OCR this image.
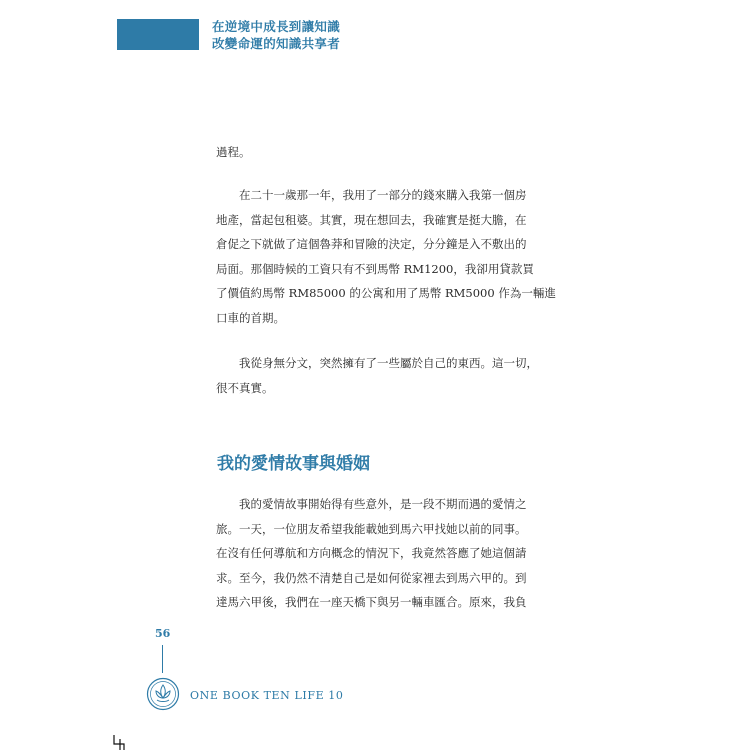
在逆境中成長到讓知識
改變命運的知識共享者

過程。

　　在二十一歲那一年，我用了一部分的錢來購入我第一個房
地產，當起包租婆。其實，現在想回去，我確實是挺大膽，在
倉促之下就做了這個魯莽和冒險的決定，分分鐘是入不敷出的
局面。那個時候的工資只有不到馬幣 RM1200，我卻用貸款買
了價值約馬幣 RM85000 的公寓和用了馬幣 RM5000 作為一輛進
口車的首期。

　　我從身無分文，突然擁有了一些屬於自己的東西。這一切，
很不真實。

我的愛情故事與婚姻

　　我的愛情故事開始得有些意外，是一段不期而遇的愛情之
旅。一天，一位朋友希望我能載她到馬六甲找她以前的同事。
在沒有任何導航和方向概念的情況下，我竟然答應了她這個請
求。至今，我仍然不清楚自己是如何從家裡去到馬六甲的。到
達馬六甲後，我們在一座天橋下與另一輛車匯合。原來，我負

56
ONE BOOK TEN LIFE 10
